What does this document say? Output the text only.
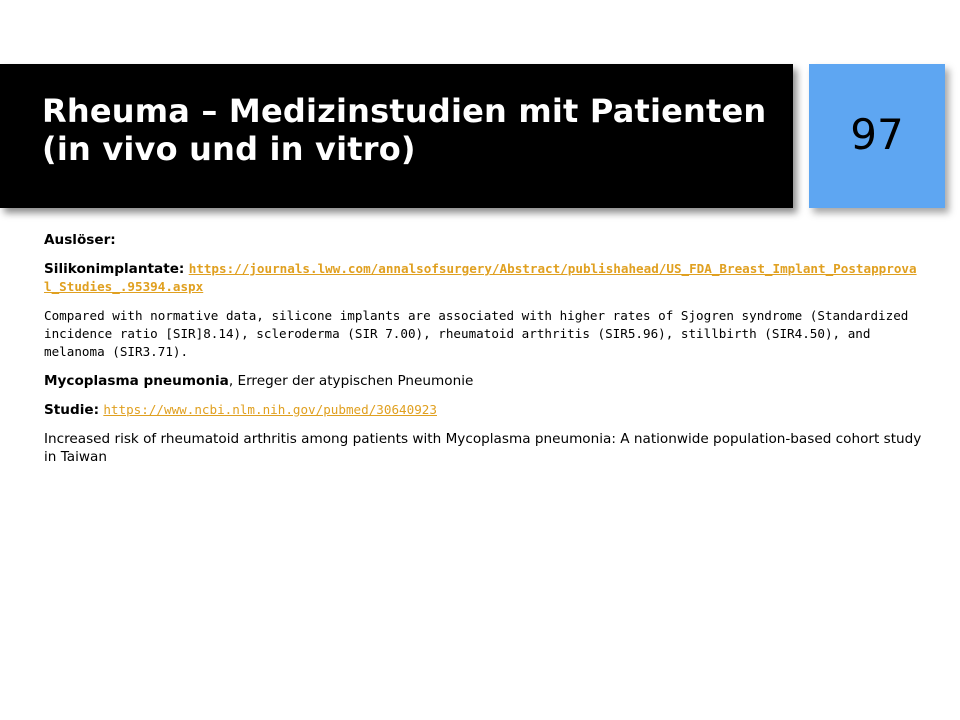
Rheuma – Medizinstudien mit Patienten (in vivo und in vitro)	97

Auslöser:

Silikonimplantate: https://journals.lww.com/annalsofsurgery/Abstract/publishahead/US_FDA_Breast_Implant_Postapproval_Studies_.95394.aspx

Compared with normative data, silicone implants are associated with higher rates of Sjogren syndrome (Standardized incidence ratio [SIR]8.14), scleroderma (SIR 7.00), rheumatoid arthritis (SIR5.96), stillbirth (SIR4.50), and melanoma (SIR3.71).

Mycoplasma pneumonia, Erreger der atypischen Pneumonie

Studie: https://www.ncbi.nlm.nih.gov/pubmed/30640923

Increased risk of rheumatoid arthritis among patients with Mycoplasma pneumonia: A nationwide population-based cohort study in Taiwan
